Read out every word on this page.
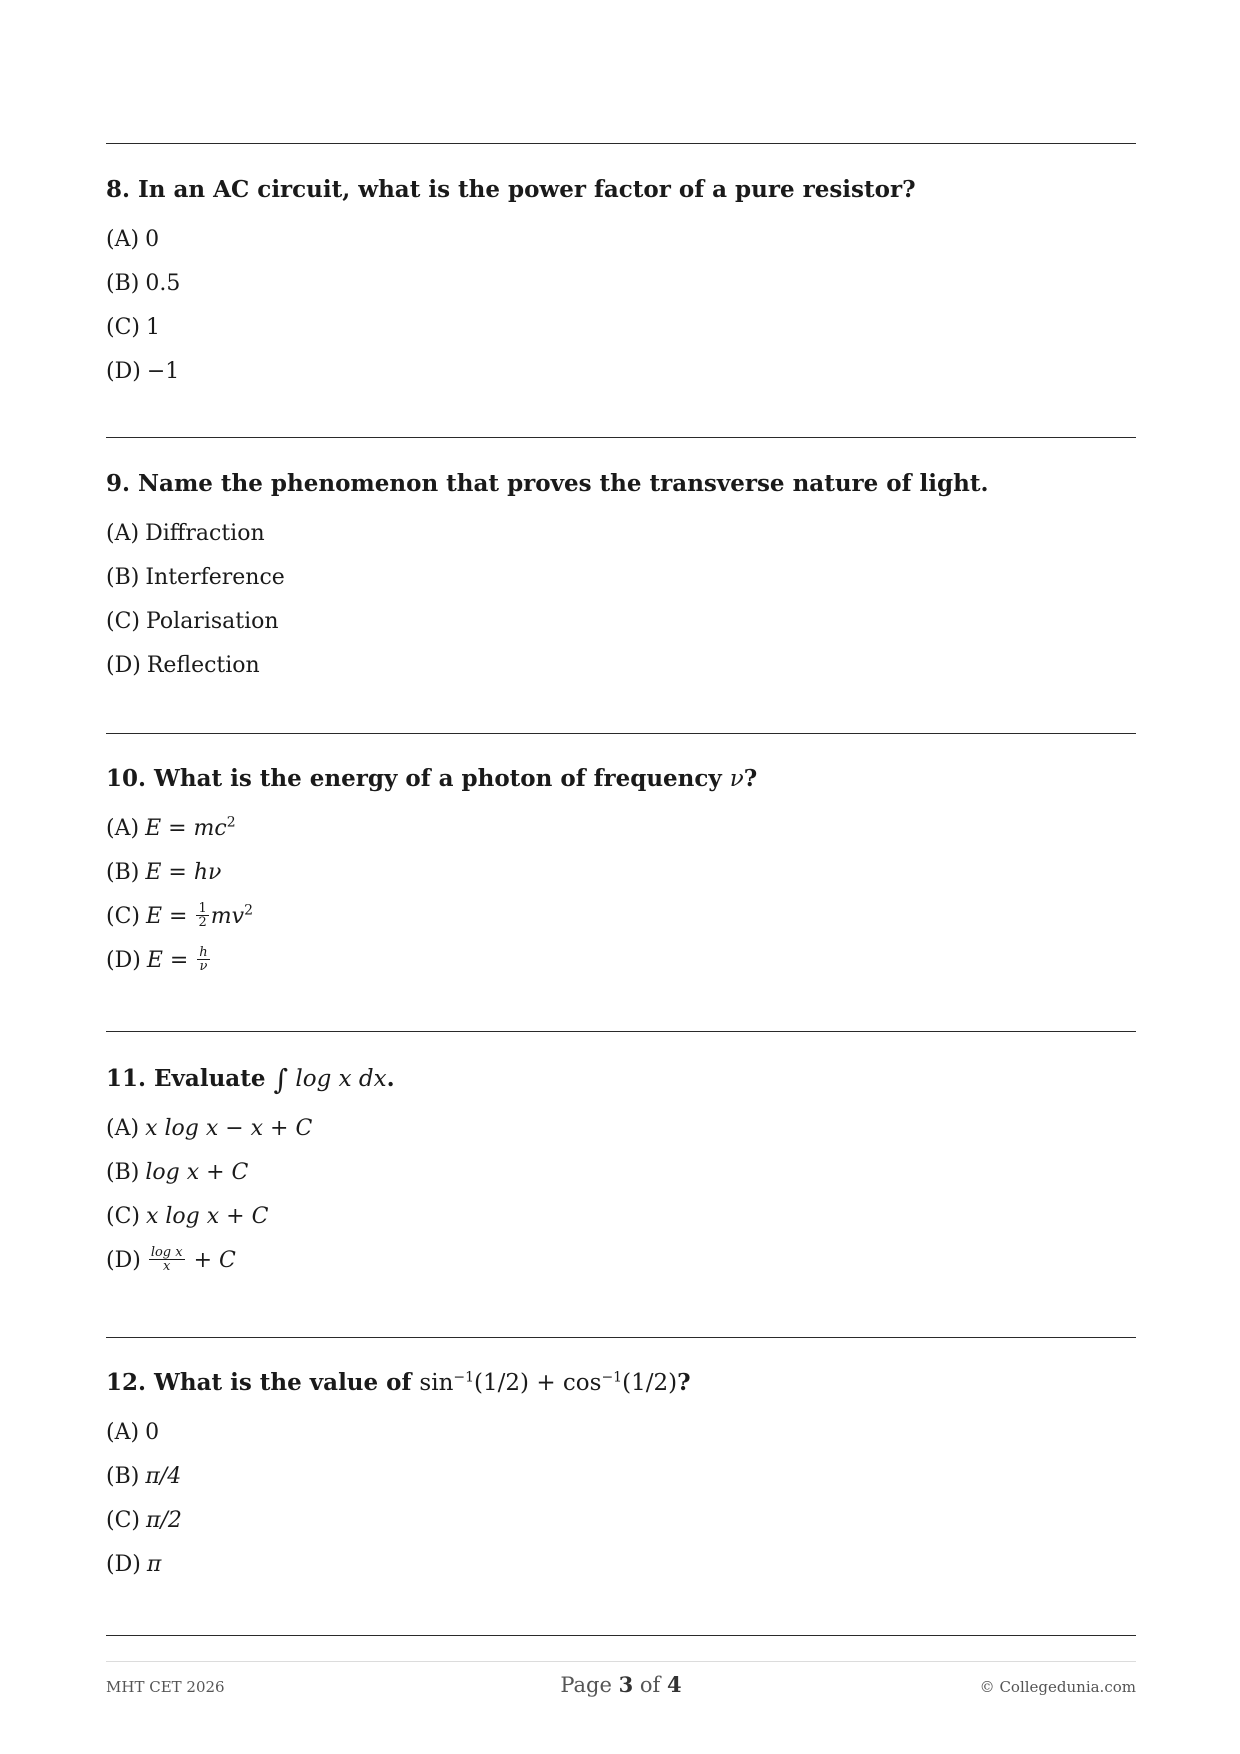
8. In an AC circuit, what is the power factor of a pure resistor?

(A) 0
(B) 0.5
(C) 1
(D) −1

9. Name the phenomenon that proves the transverse nature of light.

(A) Diffraction
(B) Interference
(C) Polarisation
(D) Reflection

10. What is the energy of a photon of frequency ν?

(A) $E = mc^2$
(B) E = hν
(C) $E = \frac{1}{2} mv^2$
(D) $E = \frac{h}{\nu}$

11. Evaluate ∫ log x dx.

(A) x log x − x + C
(B) log x + C
(C) x log x + C
$(D) \frac{\text{log x}}{x} + C$

12. What is the value of $\sin^{-1}(1/2) + \cos^{-1}(1/2)$?

(A) 0
(B) π/4
(C) π/2
(D) π
MHT CET 2026	Page 3 of 4	© Collegedunia.com
